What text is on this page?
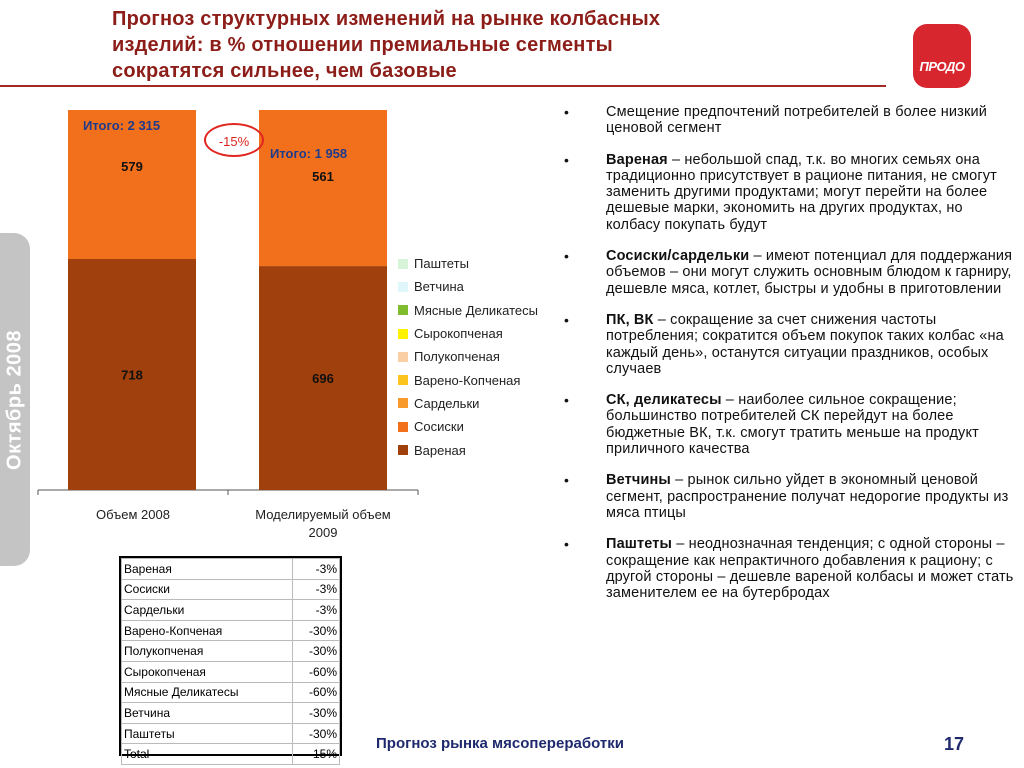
Прогноз структурных изменений на рынке колбасных
изделий: в % отношении премиальные сегменты
сократятся сильнее, чем базовые	ПРОДО
Октябрь 2008	718
579
696
561
Итого: 2 315
Итого: 1 958
-15%
Объем 2008	Моделируемый объем
2009
Паштеты
Ветчина
Мясные Деликатесы
Сырокопченая
Полукопченая
Варено-Копченая
Сардельки
Сосиски
Вареная
Вареная	-3%
Сосиски	-3%
Сардельки	-3%
Варено-Копченая	-30%
Полукопченая	-30%
Сырокопченая	-60%
Мясные Деликатесы	-60%
Ветчина	-30%
Паштеты	-30%
Total	-15%
•	Смещение предпочтений потребителей в более низкий ценовой сегмент
•	Вареная – небольшой спад, т.к. во многих семьях она традиционно присутствует в рационе питания, не смогут заменить другими продуктами; могут перейти на более дешевые марки, экономить на других продуктах, но колбасу покупать будут
•	Сосиски/сардельки – имеют потенциал для поддержания объемов – они могут служить основным блюдом к гарниру, дешевле мяса, котлет, быстры и удобны в приготовлении
•	ПК, ВК – сокращение за счет снижения частоты потребления; сократится объем покупок таких колбас «на каждый день», останутся ситуации праздников, особых случаев
•	СК, деликатесы – наиболее сильное сокращение; большинство потребителей СК перейдут на более бюджетные ВК, т.к. смогут тратить меньше на продукт приличного качества
•	Ветчины – рынок сильно уйдет в экономный ценовой сегмент, распространение получат недорогие продукты из мяса птицы
•	Паштеты – неоднозначная тенденция; с одной стороны – сокращение как непрактичного добавления к рациону; с другой стороны – дешевле вареной колбасы и может стать заменителем ее на бутербродах
Прогноз рынка мясопереработки	17
